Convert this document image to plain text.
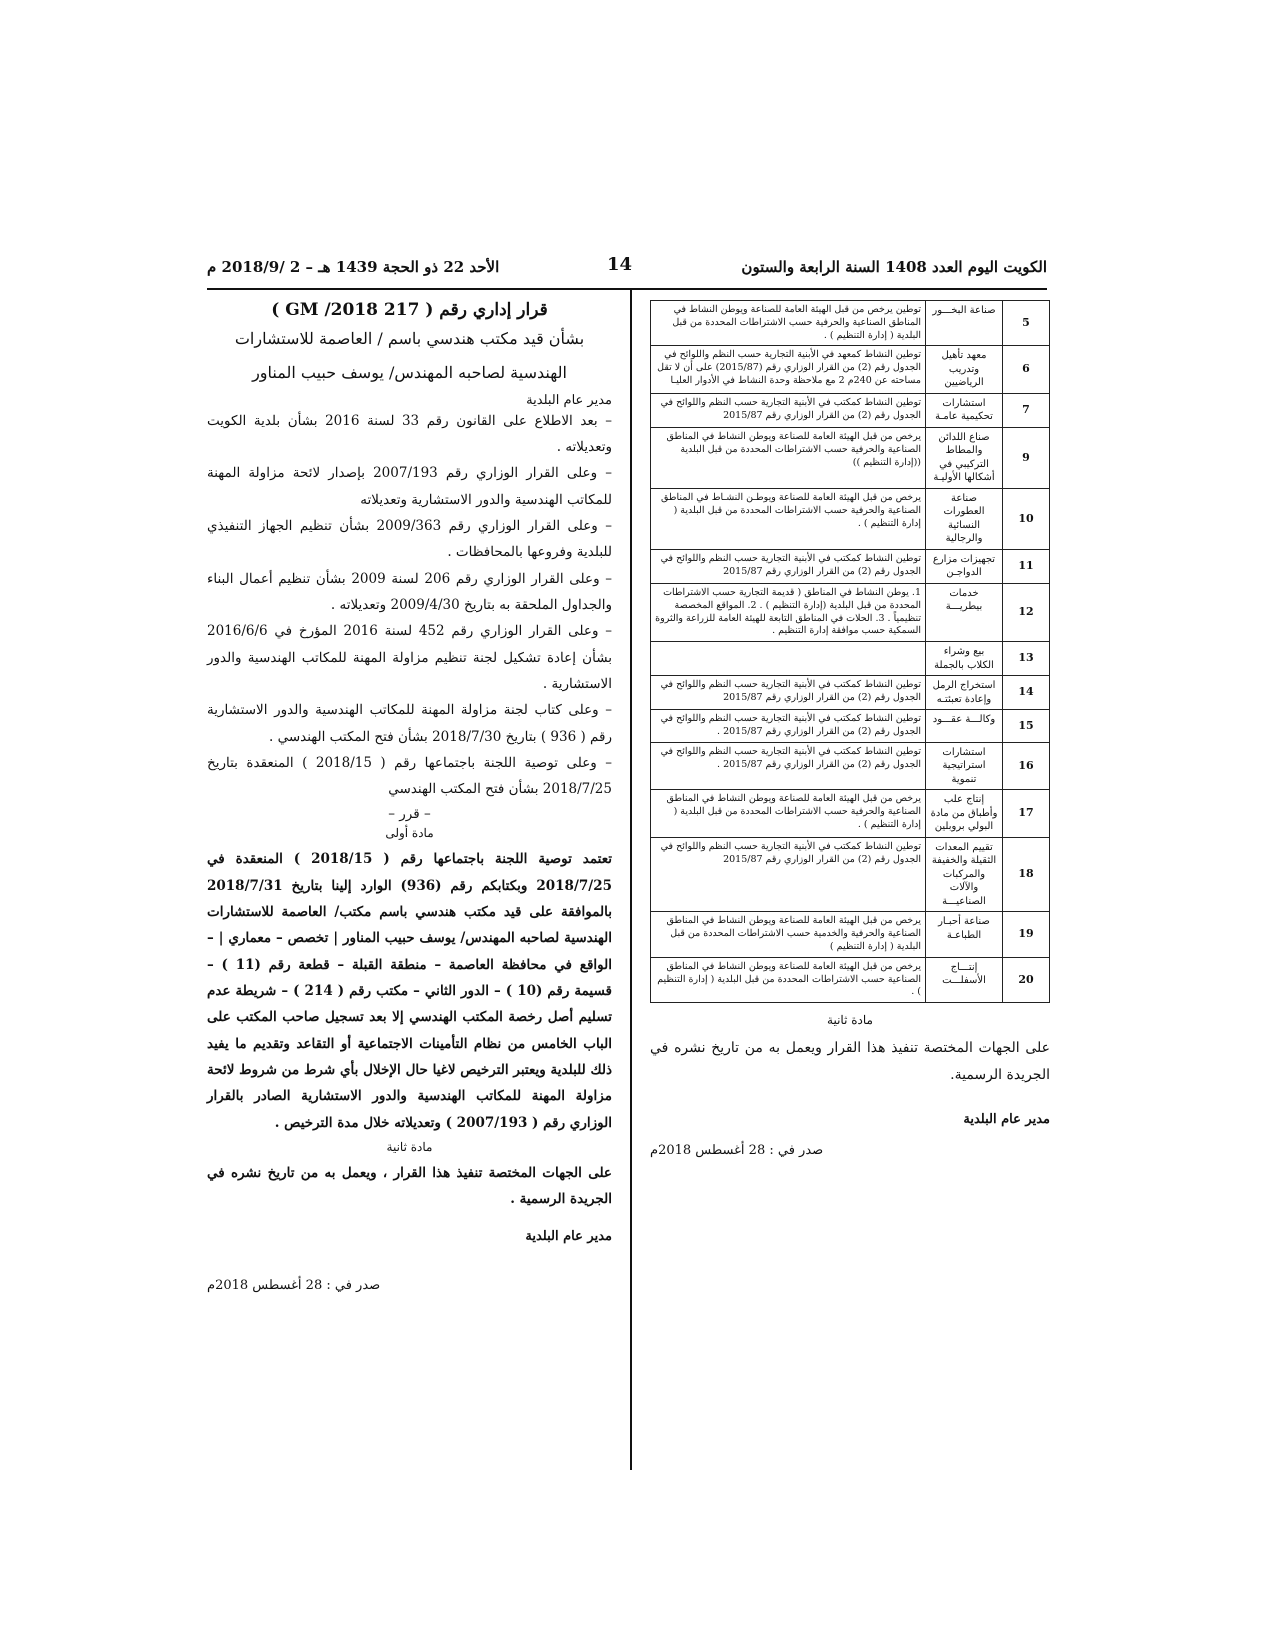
الكويت اليوم العدد 1408 السنة الرابعة والستون
14
الأحد 22 ذو الحجة 1439 هـ – 2 /2018/9 م
5	صناعة البخـــور	توطين يرخص من قبل الهيئة العامة للصناعة ويوطن النشاط في المناطق الصناعية والحرفية حسب الاشتراطات المحددة من قبل البلدية ( إدارة التنظيم ) .
6	معهد تأهيل وتدريب الرياضيين	توطين النشاط كمعهد في الأبنية التجارية حسب النظم واللوائح في الجدول رقم (2) من القرار الوزاري رقم (2015/87) على أن لا تقل مساحته عن 240م 2 مع ملاحظة وحدة النشاط في الأدوار العليـا
7	استشارات تحكيمية عامـة	توطين النشاط كمكتب في الأبنية التجارية حسب النظم واللوائح في الجدول رقم (2) من القرار الوزاري رقم 2015/87
9	صناع اللدائن والمطاط التركيبي في أشكالها الأوليـة	يرخص من قبل الهيئة العامة للصناعة ويوطن النشاط في المناطق الصناعية والحرفية حسب الاشتراطات المحددة من قبل البلدية ((إدارة التنظيم ))
10	صناعة العطورات النسائية والرجالية	يرخص من قبل الهيئة العامة للصناعة ويوطـن النشـاط في المناطق الصناعية والحرفية حسب الاشتراطات المحددة من قبل البلدية ( إدارة التنظيم ) .
11	تجهيزات مزارع الدواجـن	توطين النشاط كمكتب في الأبنية التجارية حسب النظم واللوائح في الجدول رقم (2) من القرار الوزاري رقم 2015/87
12	خدمات بيطريـــة	1. يوطن النشاط في المناطق ( قديمة التجارية حسب الاشتراطات المحددة من قبل البلدية (إدارة التنظيم ) . 2. المواقع المخصصة تنظيمياً . 3. الحلات في المناطق التابعة للهيئة العامة للزراعة والثروة السمكية حسب موافقة إدارة التنظيم .
13	بيع وشراء الكلاب بالجملة	
14	استخراج الرمل وإعادة تعبئتـه	توطين النشاط كمكتب في الأبنية التجارية حسب النظم واللوائح في الجدول رقم (2) من القرار الوزاري رقم 2015/87
15	وكالـــة عقـــود	توطين النشاط كمكتب في الأبنية التجارية حسب النظم واللوائح في الجدول رقم (2) من القرار الوزاري رقم 2015/87 .
16	استشارات استراتيجية تنموية	توطين النشاط كمكتب في الأبنية التجارية حسب النظم واللوائح في الجدول رقم (2) من القرار الوزاري رقم 2015/87 .
17	إنتاج علب وأطباق من مادة البولي بروبلين	يرخص من قبل الهيئة العامة للصناعة ويوطن النشاط في المناطق الصناعية والحرفية حسب الاشتراطات المحددة من قبل البلدية ( إدارة التنظيم ) .
18	تقييم المعدات الثقيلة والخفيفة والمركبات والآلات الصناعيـــة	توطين النشاط كمكتب في الأبنية التجارية حسب النظم واللوائح في الجدول رقم (2) من القرار الوزاري رقم 2015/87
19	صناعة أحبـار الطباعـة	يرخص من قبل الهيئة العامة للصناعة ويوطن النشاط في المناطق الصناعية والحرفية والخدمية حسب الاشتراطات المحددة من قبل البلدية ( إدارة التنظيم )
20	إنتـــاج الأسفلـــت	يرخص من قبل الهيئة العامة للصناعة ويوطن النشاط في المناطق الصناعية حسب الاشتراطات المحددة من قبل البلدية ( إدارة التنظيم ) .
مادة ثانية
على الجهات المختصة تنفيذ هذا القرار ويعمل به من تاريخ نشره في الجريدة الرسمية.
مدير عام البلدية
صدر في : 28 أغسطس 2018م
قرار إداري رقم ( 217 GM /2018 )
بشأن قيد مكتب هندسي باسم / العاصمة للاستشارات
الهندسية لصاحبه المهندس/ يوسف حبيب المناور
مدير عام البلدية
– بعد الاطلاع على القانون رقم 33 لسنة 2016 بشأن بلدية الكويت وتعديلاته .
– وعلى القرار الوزاري رقم 2007/193 بإصدار لائحة مزاولة المهنة للمكاتب الهندسية والدور الاستشارية وتعديلاته
– وعلى القرار الوزاري رقم 2009/363 بشأن تنظيم الجهاز التنفيذي للبلدية وفروعها بالمحافظات .
– وعلى القرار الوزاري رقم 206 لسنة 2009 بشأن تنظيم أعمال البناء والجداول الملحقة به بتاريخ 2009/4/30 وتعديلاته .
– وعلى القرار الوزاري رقم 452 لسنة 2016 المؤرخ في 2016/6/6 بشأن إعادة تشكيل لجنة تنظيم مزاولة المهنة للمكاتب الهندسية والدور الاستشارية .
– وعلى كتاب لجنة مزاولة المهنة للمكاتب الهندسية والدور الاستشارية رقم ( 936 ) بتاريخ 2018/7/30 بشأن فتح المكتب الهندسي .
– وعلى توصية اللجنة باجتماعها رقم ( 2018/15 ) المنعقدة بتاريخ 2018/7/25 بشأن فتح المكتب الهندسي
– قرر –
مادة أولى
تعتمد توصية اللجنة باجتماعها رقم ( 2018/15 ) المنعقدة في 2018/7/25 وبكتابكم رقم (936) الوارد إلينا بتاريخ 2018/7/31 بالموافقة على قيد مكتب هندسي باسم مكتب/ العاصمة للاستشارات الهندسية لصاحبه المهندس/ يوسف حبيب المناور | تخصص – معماري | – الواقع في محافظة العاصمة – منطقة القبلة – قطعة رقم (11 ) – قسيمة رقم (10 ) – الدور الثاني – مكتب رقم ( 214 ) – شريطة عدم تسليم أصل رخصة المكتب الهندسي إلا بعد تسجيل صاحب المكتب على الباب الخامس من نظام التأمينات الاجتماعية أو التقاعد وتقديم ما يفيد ذلك للبلدية ويعتبر الترخيص لاغيا حال الإخلال بأي شرط من شروط لائحة مزاولة المهنة للمكاتب الهندسية والدور الاستشارية الصادر بالقرار الوزاري رقم ( 2007/193 ) وتعديلاته خلال مدة الترخيص .
مادة ثانية
على الجهات المختصة تنفيذ هذا القرار ، ويعمل به من تاريخ نشره في الجريدة الرسمية .
مدير عام البلدية
صدر في : 28 أغسطس 2018م
